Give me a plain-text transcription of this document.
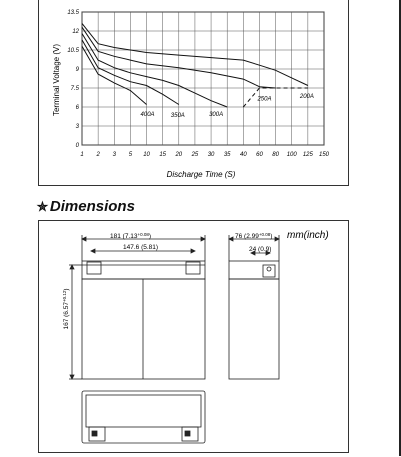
1 2 3 5 10 15 20 25 30 35 40 60 80 100 125 150
0
3
6
7.5
9
10.5
12
13.5
200A
250A
300A
350A
400A
Terminal Voltage (V)
Discharge Time (S)
✮ Dimensions
mm(inch)
181 $(7.13^{+0.08})$
147.6 (5.81)
167 $(6.57^{+0.12})$
76 $(2.99^{+0.08})$
24 (0.9)
